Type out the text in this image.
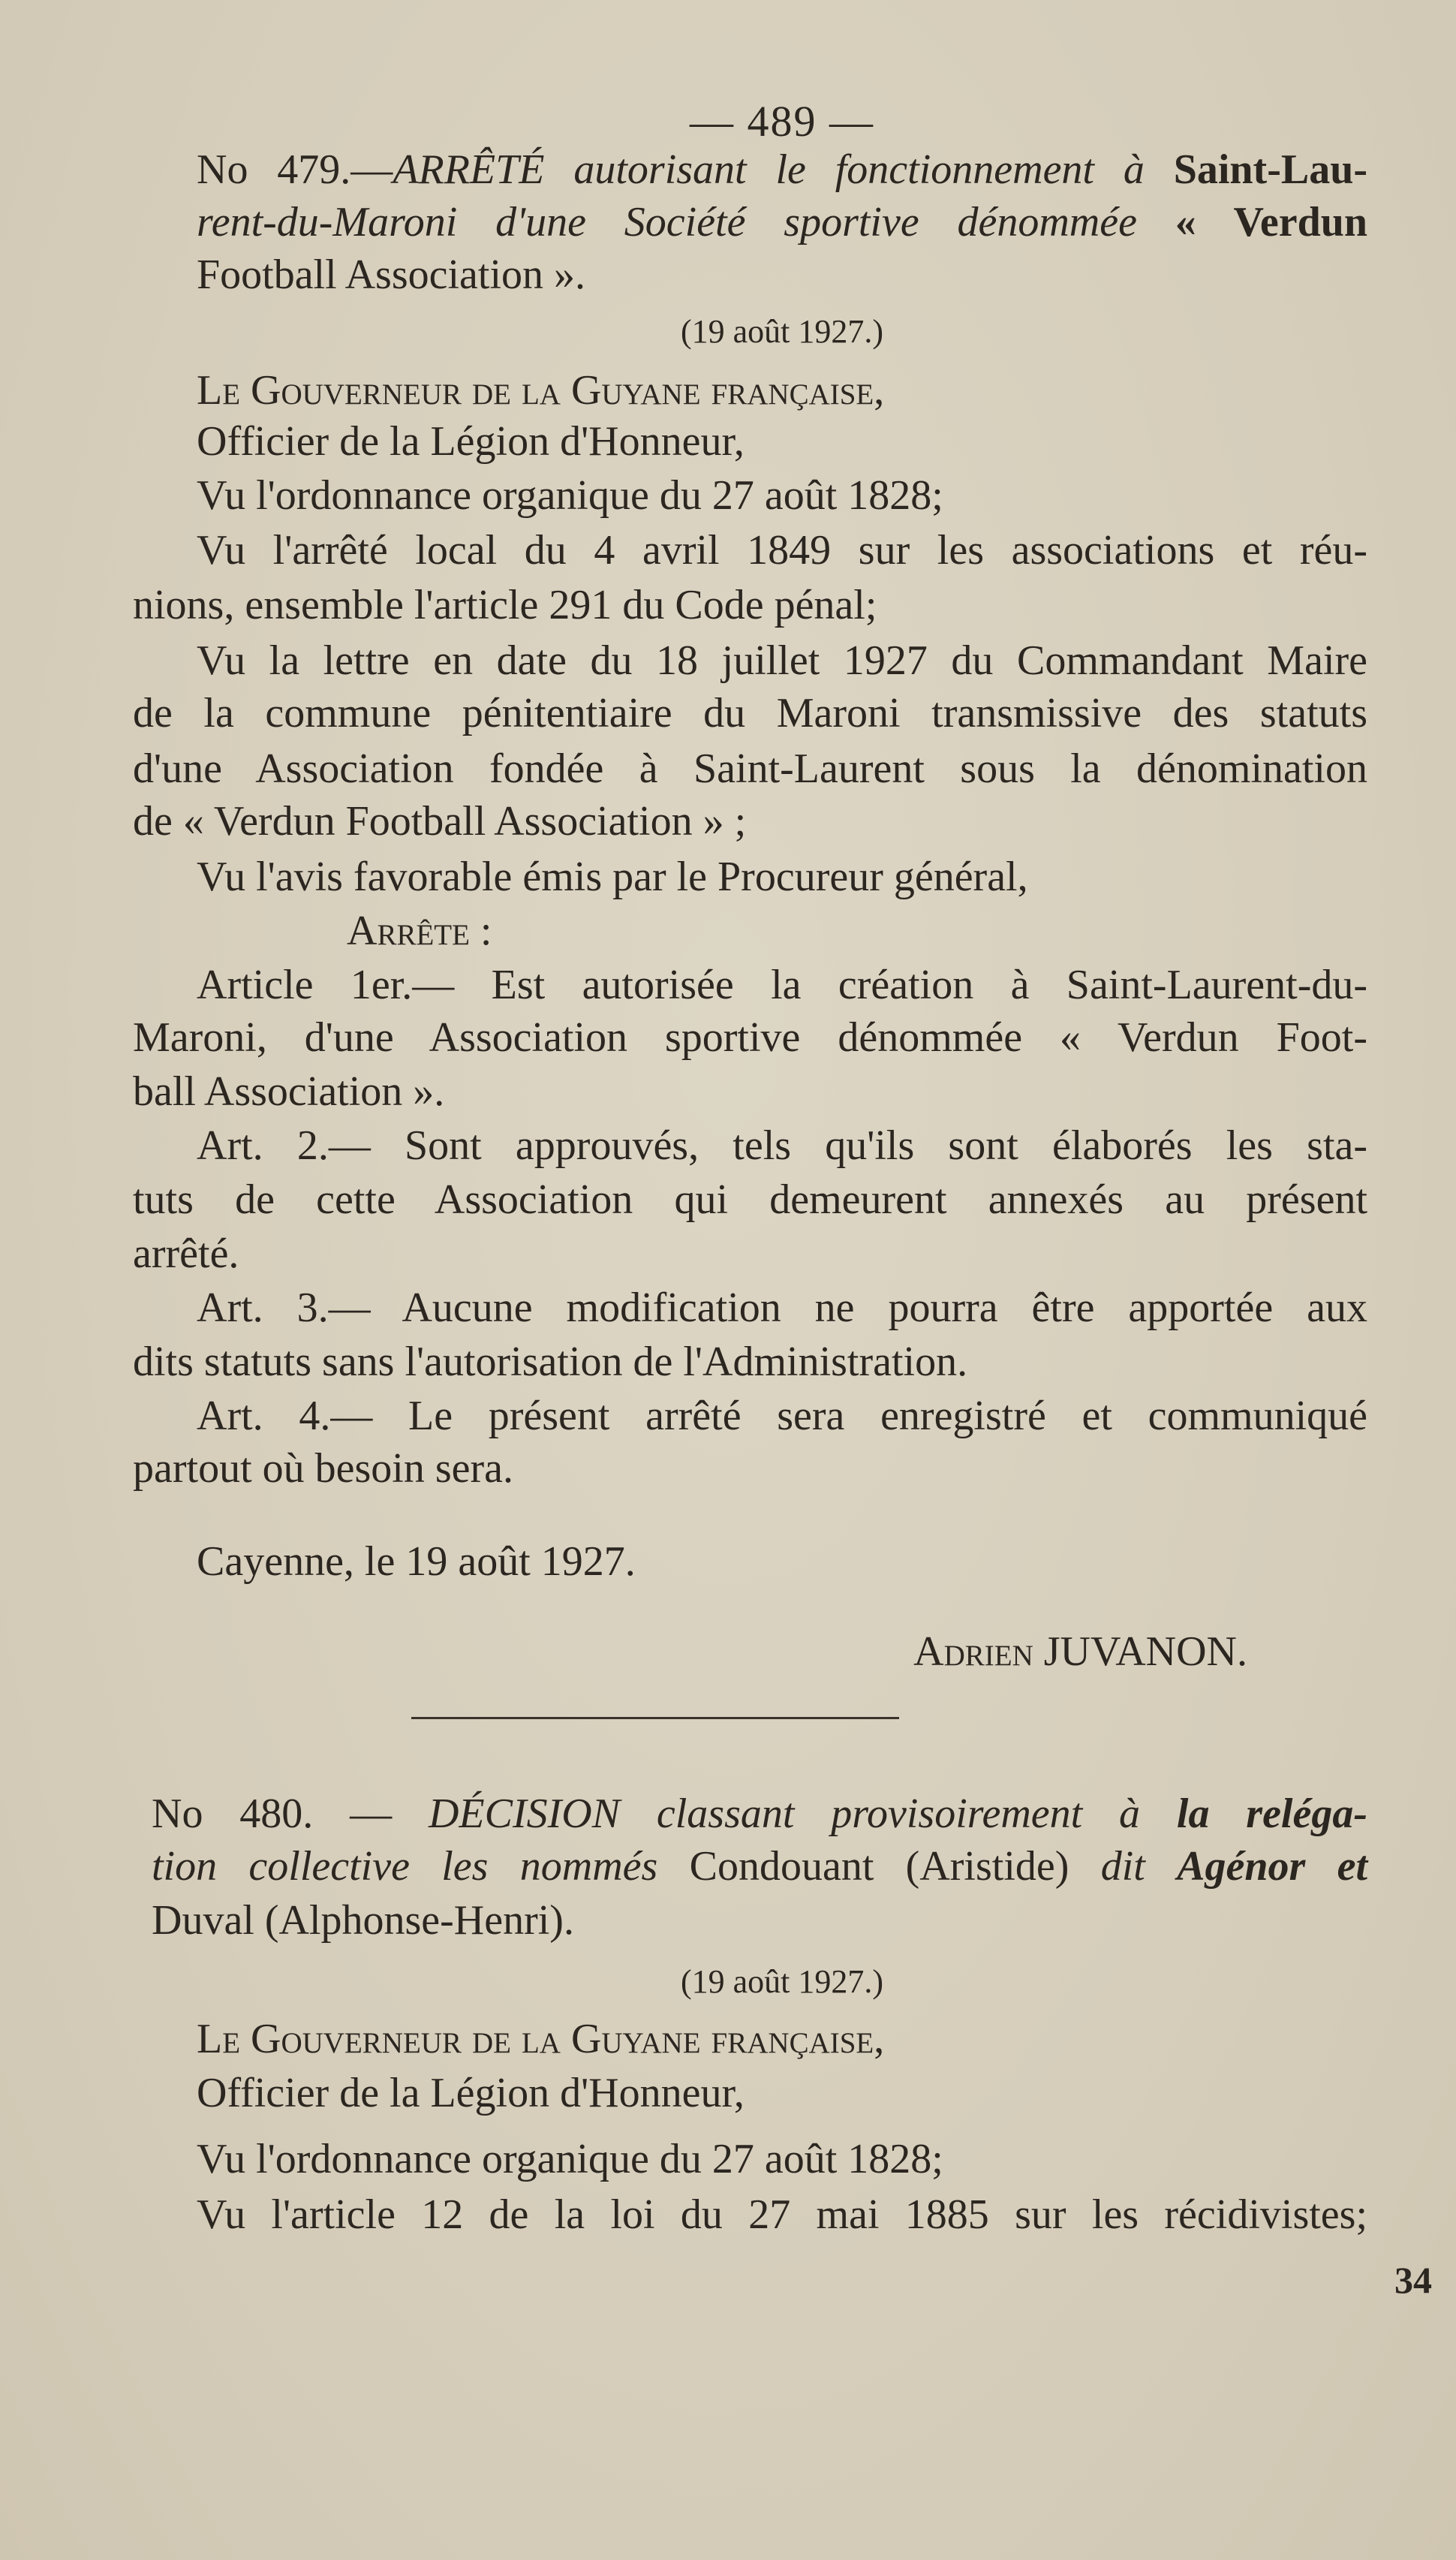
— 489 —
No 479.—ARRÊTÉ autorisant le fonctionnement à Saint-Lau-
rent-du-Maroni d'une Société sportive dénommée « Verdun
Football Association ».
(19 août 1927.)
Le Gouverneur de la Guyane française,
Officier de la Légion d'Honneur,
Vu l'ordonnance organique du 27 août 1828;
Vu l'arrêté local du 4 avril 1849 sur les associations et réu-
nions, ensemble l'article 291 du Code pénal;
Vu la lettre en date du 18 juillet 1927 du Commandant Maire
de la commune pénitentiaire du Maroni transmissive des statuts
d'une Association fondée à Saint-Laurent sous la dénomination
de « Verdun Football Association » ;
Vu l'avis favorable émis par le Procureur général,
Arrête :
Article 1er.— Est autorisée la création à Saint-Laurent-du-
Maroni, d'une Association sportive dénommée « Verdun Foot-
ball Association ».
Art. 2.— Sont approuvés, tels qu'ils sont élaborés les sta-
tuts de cette Association qui demeurent annexés au présent
arrêté.
Art. 3.— Aucune modification ne pourra être apportée aux
dits statuts sans l'autorisation de l'Administration.
Art. 4.— Le présent arrêté sera enregistré et communiqué
partout où besoin sera.
Cayenne, le 19 août 1927.
Adrien JUVANON.
No 480. — DÉCISION classant provisoirement à la reléga-
tion collective les nommés Condouant (Aristide) dit Agénor et
Duval (Alphonse-Henri).
(19 août 1927.)
Le Gouverneur de la Guyane française,
Officier de la Légion d'Honneur,
Vu l'ordonnance organique du 27 août 1828;
Vu l'article 12 de la loi du 27 mai 1885 sur les récidivistes;
34
